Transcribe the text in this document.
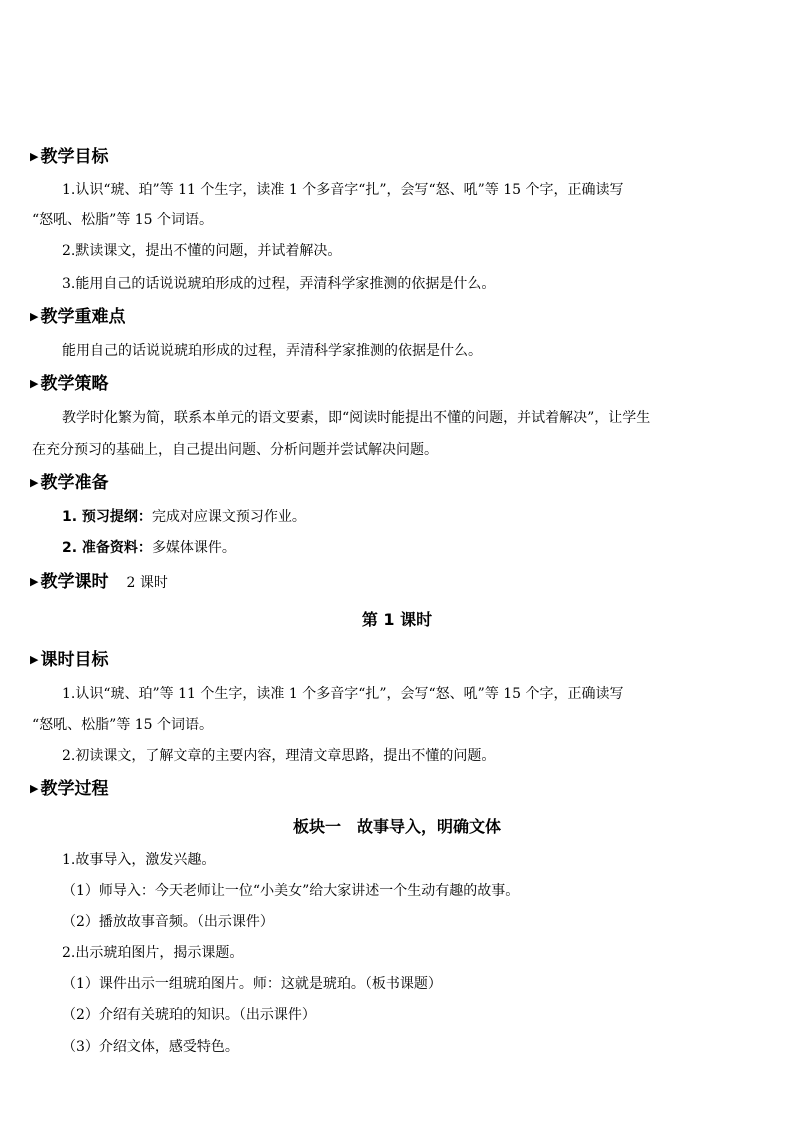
▶ 教学目标
1.认识“琥、珀”等 11 个生字，读准 1 个多音字“扎”，会写“怒、吼”等 15 个字，正确读写
“怒吼、松脂”等 15 个词语。
2.默读课文，提出不懂的问题，并试着解决。
3.能用自己的话说说琥珀形成的过程，弄清科学家推测的依据是什么。
▶ 教学重难点
能用自己的话说说琥珀形成的过程，弄清科学家推测的依据是什么。
▶ 教学策略
教学时化繁为简，联系本单元的语文要素，即“阅读时能提出不懂的问题，并试着解决”，让学生
在充分预习的基础上，自己提出问题、分析问题并尝试解决问题。
▶ 教学准备
1. 预习提纲：完成对应课文预习作业。
2. 准备资料：多媒体课件。
▶ 教学课时 2 课时
第 1 课时
▶ 课时目标
1.认识“琥、珀”等 11 个生字，读准 1 个多音字“扎”，会写“怒、吼”等 15 个字，正确读写
“怒吼、松脂”等 15 个词语。
2.初读课文，了解文章的主要内容，理清文章思路，提出不懂的问题。
▶ 教学过程
板块一　故事导入，明确文体
1.故事导入，激发兴趣。
（1）师导入：今天老师让一位“小美女”给大家讲述一个生动有趣的故事。
（2）播放故事音频。（出示课件）
2.出示琥珀图片，揭示课题。
（1）课件出示一组琥珀图片。师：这就是琥珀。（板书课题）
（2）介绍有关琥珀的知识。（出示课件）
（3）介绍文体，感受特色。
